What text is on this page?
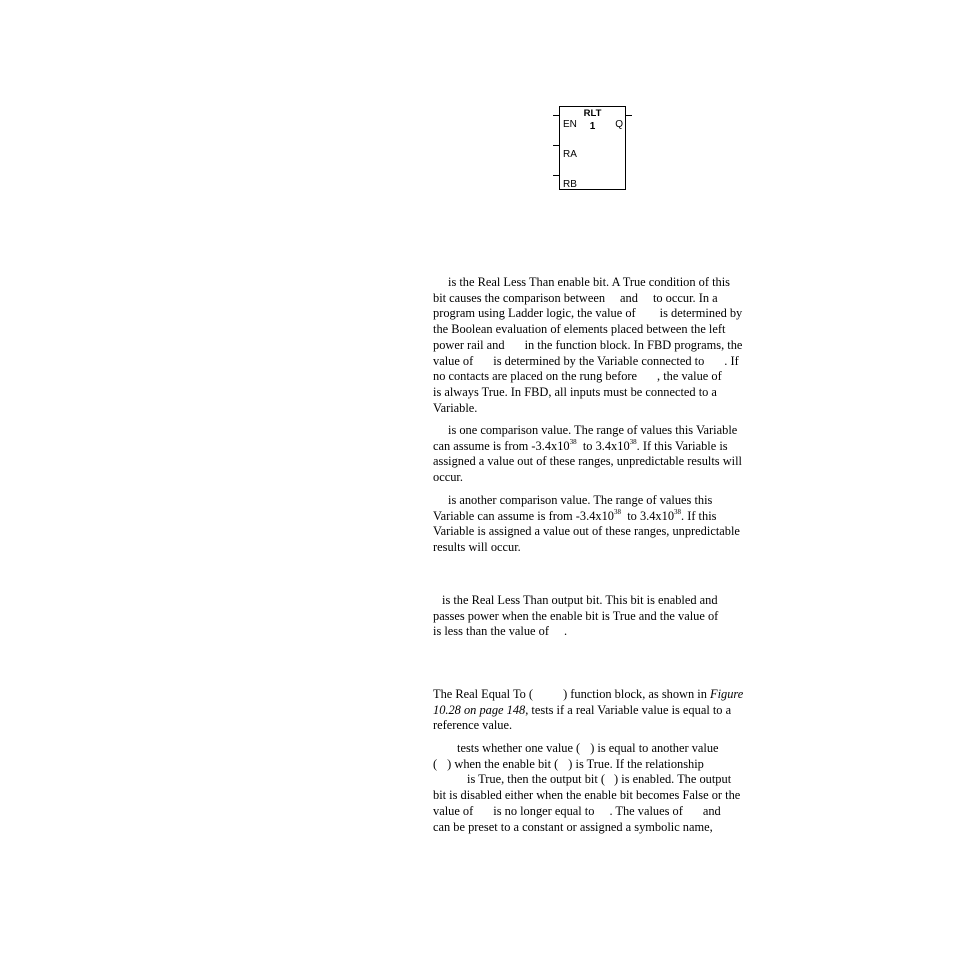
RLT
1
EN
RA
RB
Q
is the Real Less Than enable bit. A True condition of this
bit causes the comparison between and to occur. In a
program using Ladder logic, the value of is determined by
the Boolean evaluation of elements placed between the left
power rail and in the function block. In FBD programs, the
value of is determined by the Variable connected to . If
no contacts are placed on the rung before , the value of
is always True. In FBD, all inputs must be connected to a
Variable.
is one comparison value. The range of values this Variable
can assume is from $-3.4x10^{38}$ to $3.4x10^{38}$. If this Variable is
assigned a value out of these ranges, unpredictable results will
occur.
is another comparison value. The range of values this
Variable can assume is from $-3.4x10^{38}$ to $3.4x10^{38}$. If this
Variable is assigned a value out of these ranges, unpredictable
results will occur.
is the Real Less Than output bit. This bit is enabled and
passes power when the enable bit is True and the value of
is less than the value of .
The Real Equal To ( ) function block, as shown in Figure
10.28 on page 148, tests if a real Variable value is equal to a
reference value.
tests whether one value ( ) is equal to another value
( ) when the enable bit ( ) is True. If the relationship
is True, then the output bit ( ) is enabled. The output
bit is disabled either when the enable bit becomes False or the
value of is no longer equal to . The values of and
can be preset to a constant or assigned a symbolic name,
